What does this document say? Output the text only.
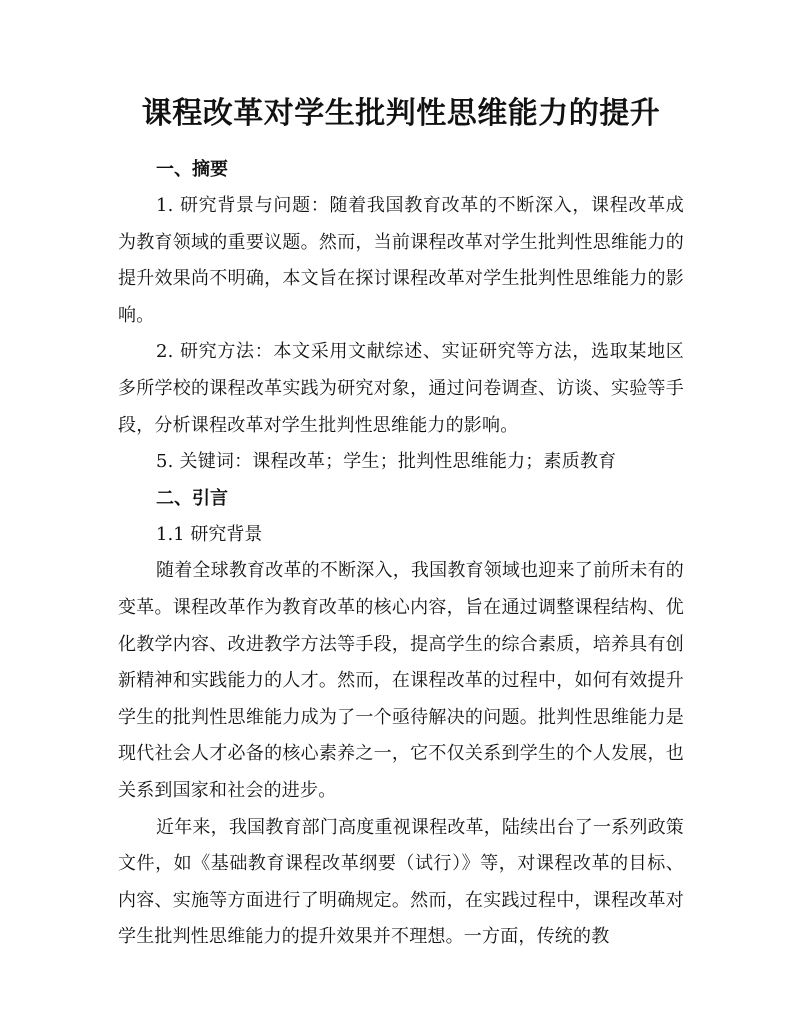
课程改革对学生批判性思维能力的提升
一、摘要

1. 研究背景与问题：随着我国教育改革的不断深入，课程改革成为教育领域的重要议题。然而，当前课程改革对学生批判性思维能力的提升效果尚不明确，本文旨在探讨课程改革对学生批判性思维能力的影响。

2. 研究方法：本文采用文献综述、实证研究等方法，选取某地区多所学校的课程改革实践为研究对象，通过问卷调查、访谈、实验等手段，分析课程改革对学生批判性思维能力的影响。

5. 关键词：课程改革；学生；批判性思维能力；素质教育

二、引言

1.1 研究背景

随着全球教育改革的不断深入，我国教育领域也迎来了前所未有的变革。课程改革作为教育改革的核心内容，旨在通过调整课程结构、优化教学内容、改进教学方法等手段，提高学生的综合素质，培养具有创新精神和实践能力的人才。然而，在课程改革的过程中，如何有效提升学生的批判性思维能力成为了一个亟待解决的问题。批判性思维能力是现代社会人才必备的核心素养之一，它不仅关系到学生的个人发展，也关系到国家和社会的进步。

近年来，我国教育部门高度重视课程改革，陆续出台了一系列政策文件，如《基础教育课程改革纲要（试行）》等，对课程改革的目标、内容、实施等方面进行了明确规定。然而，在实践过程中，课程改革对学生批判性思维能力的提升效果并不理想。一方面，传统的教
